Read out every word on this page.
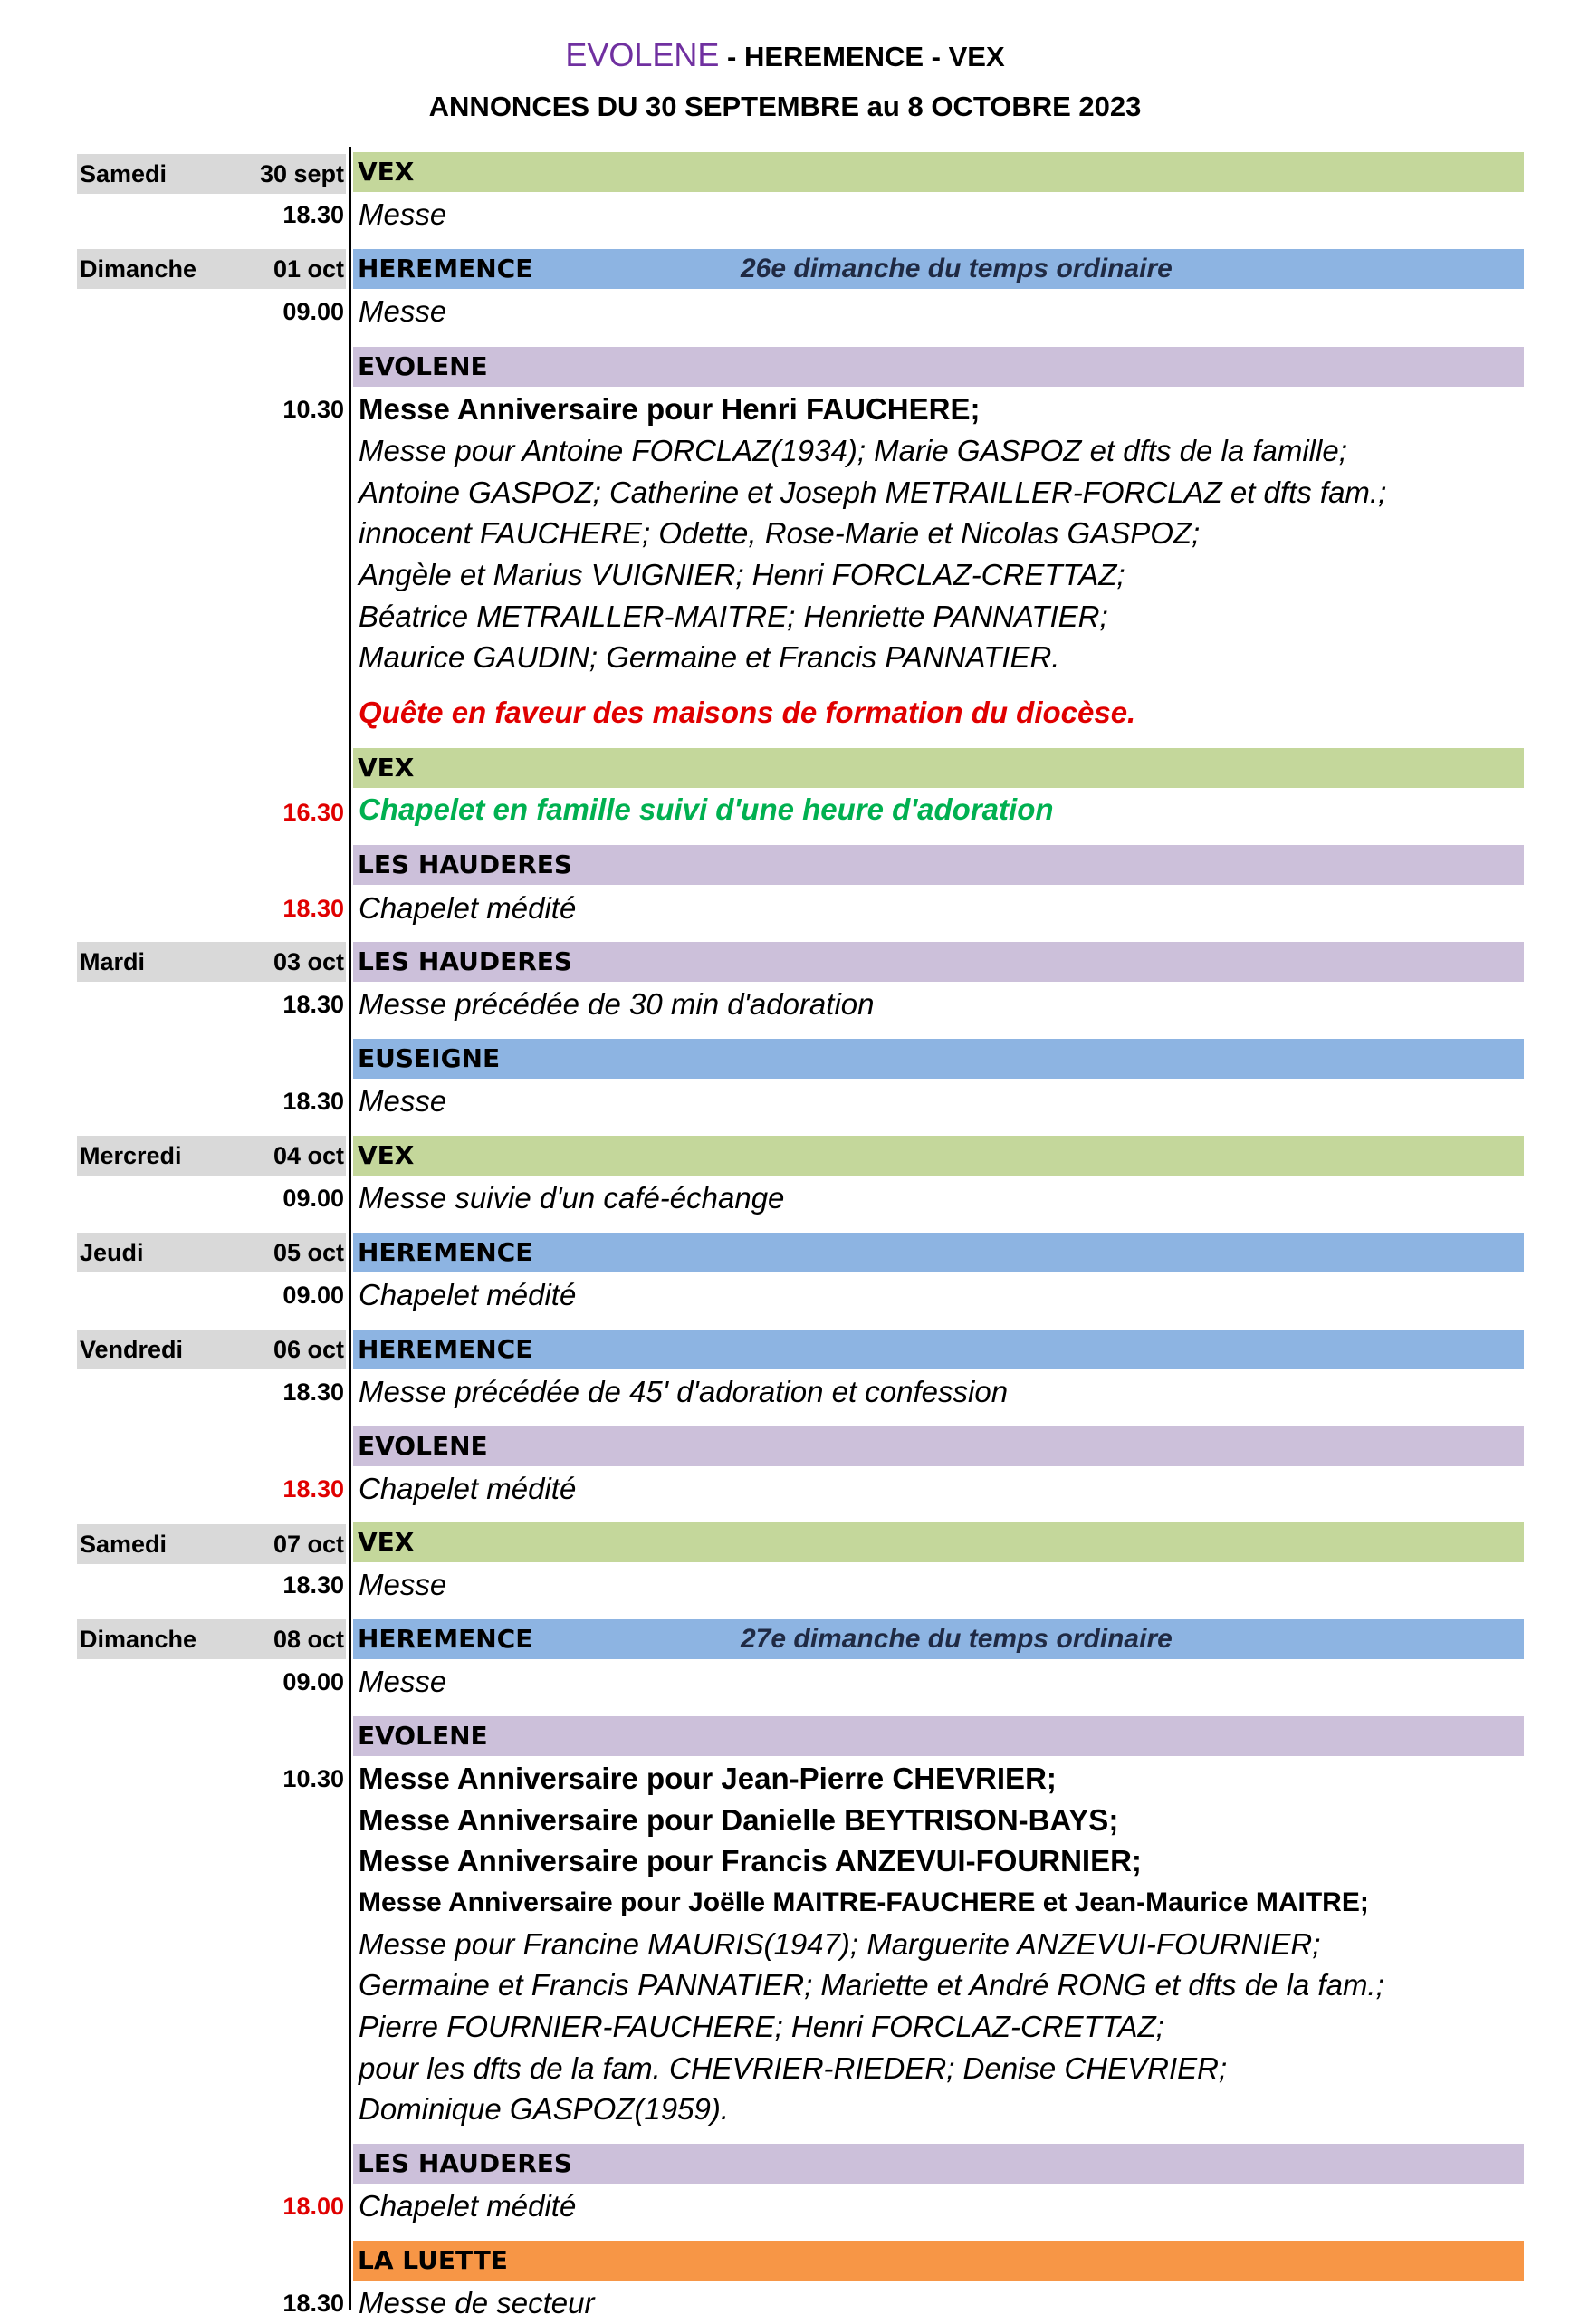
EVOLENE - HEREMENCE - VEX
ANNONCES DU 30 SEPTEMBRE au 8 OCTOBRE 2023
Samedi	30 sept VEX
18.30 Messe
Dimanche	01 oct HEREMENCE	26e dimanche du temps ordinaire
09.00 Messe
EVOLENE
10.30 Messe Anniversaire pour Henri FAUCHERE;
Messe pour Antoine FORCLAZ(1934); Marie GASPOZ et dfts de la famille;
Antoine GASPOZ; Catherine et Joseph METRAILLER-FORCLAZ et dfts fam.;
innocent FAUCHERE; Odette, Rose-Marie et Nicolas GASPOZ;
Angèle et Marius VUIGNIER; Henri FORCLAZ-CRETTAZ;
Béatrice METRAILLER-MAITRE; Henriette PANNATIER;
Maurice GAUDIN; Germaine et Francis PANNATIER.
Quête en faveur des maisons de formation du diocèse.
VEX
16.30 Chapelet en famille suivi d'une heure d'adoration
LES HAUDERES
18.30 Chapelet médité
Mardi	03 oct LES HAUDERES
18.30 Messe précédée de 30 min d'adoration
EUSEIGNE
18.30 Messe
Mercredi	04 oct VEX
09.00 Messe suivie d'un café-échange
Jeudi	05 oct HEREMENCE
09.00 Chapelet médité
Vendredi	06 oct HEREMENCE
18.30 Messe précédée de 45' d'adoration et confession
EVOLENE
18.30 Chapelet médité
Samedi	07 oct VEX
18.30 Messe
Dimanche	08 oct HEREMENCE	27e dimanche du temps ordinaire
09.00 Messe
EVOLENE
10.30 Messe Anniversaire pour Jean-Pierre CHEVRIER;
Messe Anniversaire pour Danielle BEYTRISON-BAYS;
Messe Anniversaire pour Francis ANZEVUI-FOURNIER;
Messe Anniversaire pour Joëlle MAITRE-FAUCHERE et Jean-Maurice MAITRE;
Messe pour Francine MAURIS(1947); Marguerite ANZEVUI-FOURNIER;
Germaine et Francis PANNATIER; Mariette et André RONG et dfts de la fam.;
Pierre FOURNIER-FAUCHERE; Henri FORCLAZ-CRETTAZ;
pour les dfts de la fam. CHEVRIER-RIEDER; Denise CHEVRIER;
Dominique GASPOZ(1959).
LES HAUDERES
18.00 Chapelet médité
LA LUETTE
18.30 Messe de secteur
